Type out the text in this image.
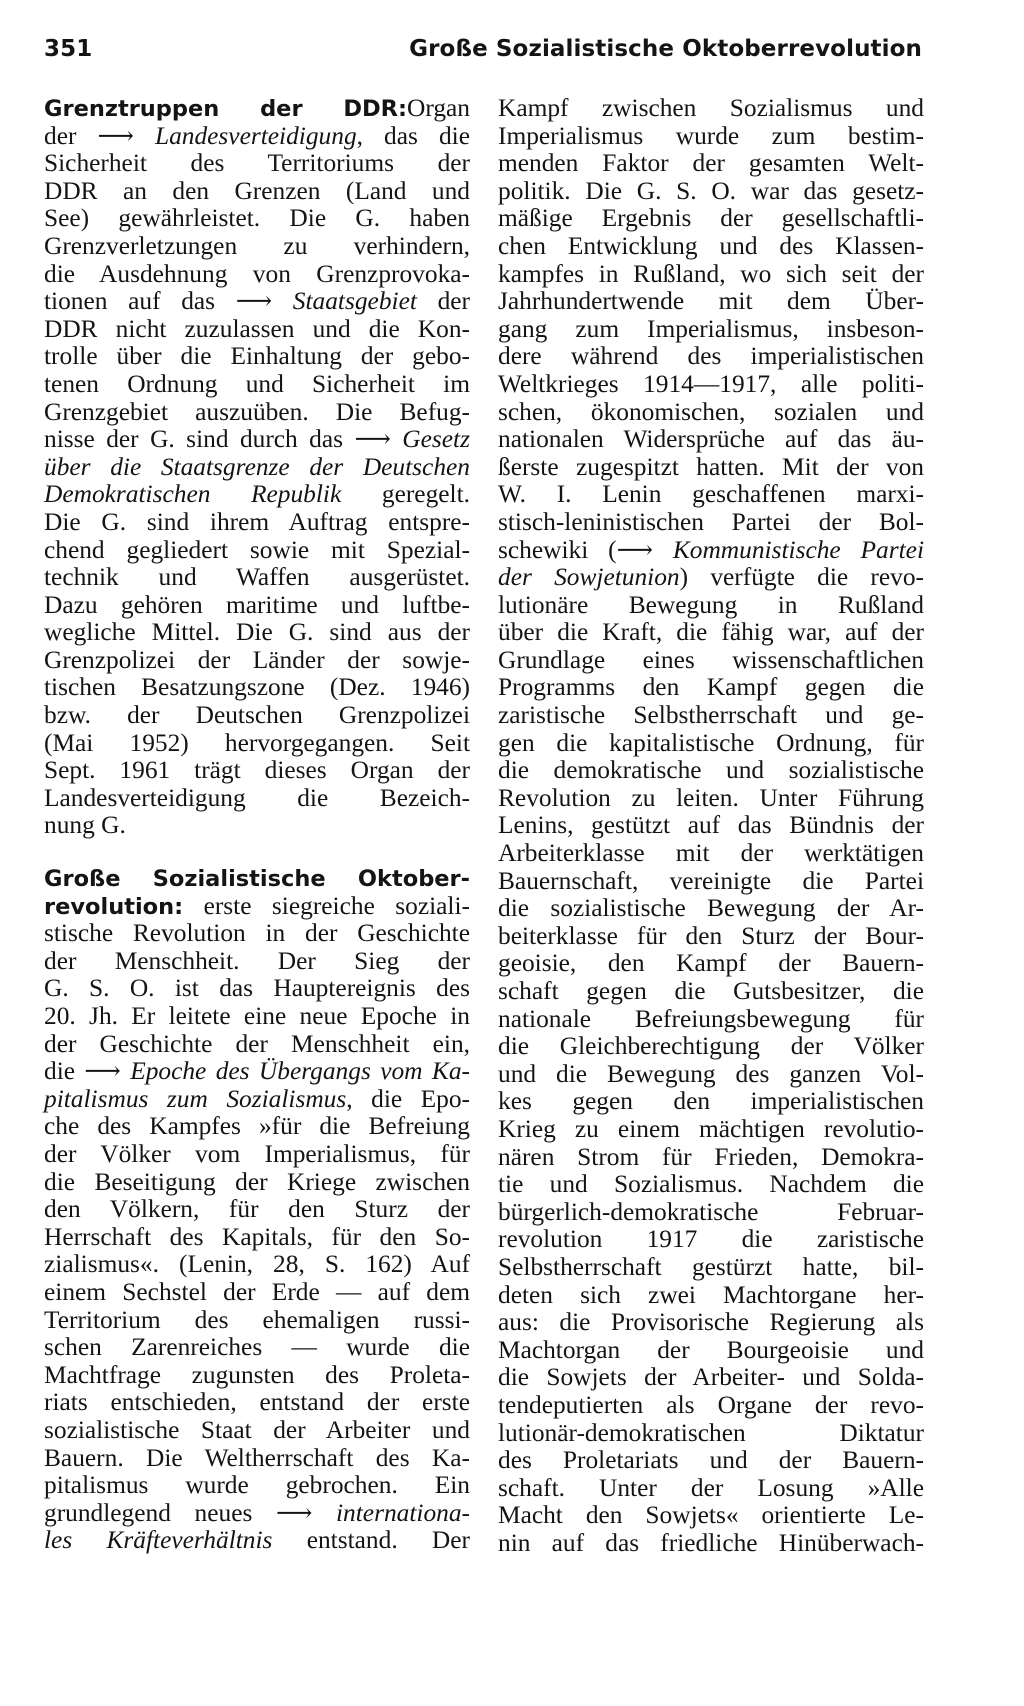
351	Große Sozialistische Oktoberrevolution
Grenztruppen der DDR:Organ
der ⟶ Landesverteidigung, das die
Sicherheit des Territoriums der
DDR an den Grenzen (Land und
See) gewährleistet. Die G. haben
Grenzverletzungen zu verhindern,
die Ausdehnung von Grenzprovoka-
tionen auf das ⟶ Staatsgebiet der
DDR nicht zuzulassen und die Kon-
trolle über die Einhaltung der gebo-
tenen Ordnung und Sicherheit im
Grenzgebiet auszuüben. Die Befug-
nisse der G. sind durch das ⟶ Gesetz
über die Staatsgrenze der Deutschen
Demokratischen Republik geregelt.
Die G. sind ihrem Auftrag entspre-
chend gegliedert sowie mit Spezial-
technik und Waffen ausgerüstet.
Dazu gehören maritime und luftbe-
wegliche Mittel. Die G. sind aus der
Grenzpolizei der Länder der sowje-
tischen Besatzungszone (Dez. 1946)
bzw. der Deutschen Grenzpolizei
(Mai 1952) hervorgegangen. Seit
Sept. 1961 trägt dieses Organ der
Landesverteidigung die Bezeich-
nung G.
Große Sozialistische Oktober-
revolution: erste siegreiche soziali-
stische Revolution in der Geschichte
der Menschheit. Der Sieg der
G. S. O. ist das Hauptereignis des
20. Jh. Er leitete eine neue Epoche in
der Geschichte der Menschheit ein,
die ⟶ Epoche des Übergangs vom Ka-
pitalismus zum Sozialismus, die Epo-
che des Kampfes »für die Befreiung
der Völker vom Imperialismus, für
die Beseitigung der Kriege zwischen
den Völkern, für den Sturz der
Herrschaft des Kapitals, für den So-
zialismus«. (Lenin, 28, S. 162) Auf
einem Sechstel der Erde — auf dem
Territorium des ehemaligen russi-
schen Zarenreiches — wurde die
Machtfrage zugunsten des Proleta-
riats entschieden, entstand der erste
sozialistische Staat der Arbeiter und
Bauern. Die Weltherrschaft des Ka-
pitalismus wurde gebrochen. Ein
grundlegend neues ⟶ internationa-
les Kräfteverhältnis entstand. Der
Kampf zwischen Sozialismus und
Imperialismus wurde zum bestim-
menden Faktor der gesamten Welt-
politik. Die G. S. O. war das gesetz-
mäßige Ergebnis der gesellschaftli-
chen Entwicklung und des Klassen-
kampfes in Rußland, wo sich seit der
Jahrhundertwende mit dem Über-
gang zum Imperialismus, insbeson-
dere während des imperialistischen
Weltkrieges 1914—1917, alle politi-
schen, ökonomischen, sozialen und
nationalen Widersprüche auf das äu-
ßerste zugespitzt hatten. Mit der von
W. I. Lenin geschaffenen marxi-
stisch-leninistischen Partei der Bol-
schewiki (⟶ Kommunistische Partei
der Sowjetunion) verfügte die revo-
lutionäre Bewegung in Rußland
über die Kraft, die fähig war, auf der
Grundlage eines wissenschaftlichen
Programms den Kampf gegen die
zaristische Selbstherrschaft und ge-
gen die kapitalistische Ordnung, für
die demokratische und sozialistische
Revolution zu leiten. Unter Führung
Lenins, gestützt auf das Bündnis der
Arbeiterklasse mit der werktätigen
Bauernschaft, vereinigte die Partei
die sozialistische Bewegung der Ar-
beiterklasse für den Sturz der Bour-
geoisie, den Kampf der Bauern-
schaft gegen die Gutsbesitzer, die
nationale Befreiungsbewegung für
die Gleichberechtigung der Völker
und die Bewegung des ganzen Vol-
kes gegen den imperialistischen
Krieg zu einem mächtigen revolutio-
nären Strom für Frieden, Demokra-
tie und Sozialismus. Nachdem die
bürgerlich-demokratische Februar-
revolution 1917 die zaristische
Selbstherrschaft gestürzt hatte, bil-
deten sich zwei Machtorgane her-
aus: die Provisorische Regierung als
Machtorgan der Bourgeoisie und
die Sowjets der Arbeiter- und Solda-
tendeputierten als Organe der revo-
lutionär-demokratischen Diktatur
des Proletariats und der Bauern-
schaft. Unter der Losung »Alle
Macht den Sowjets« orientierte Le-
nin auf das friedliche Hinüberwach-
